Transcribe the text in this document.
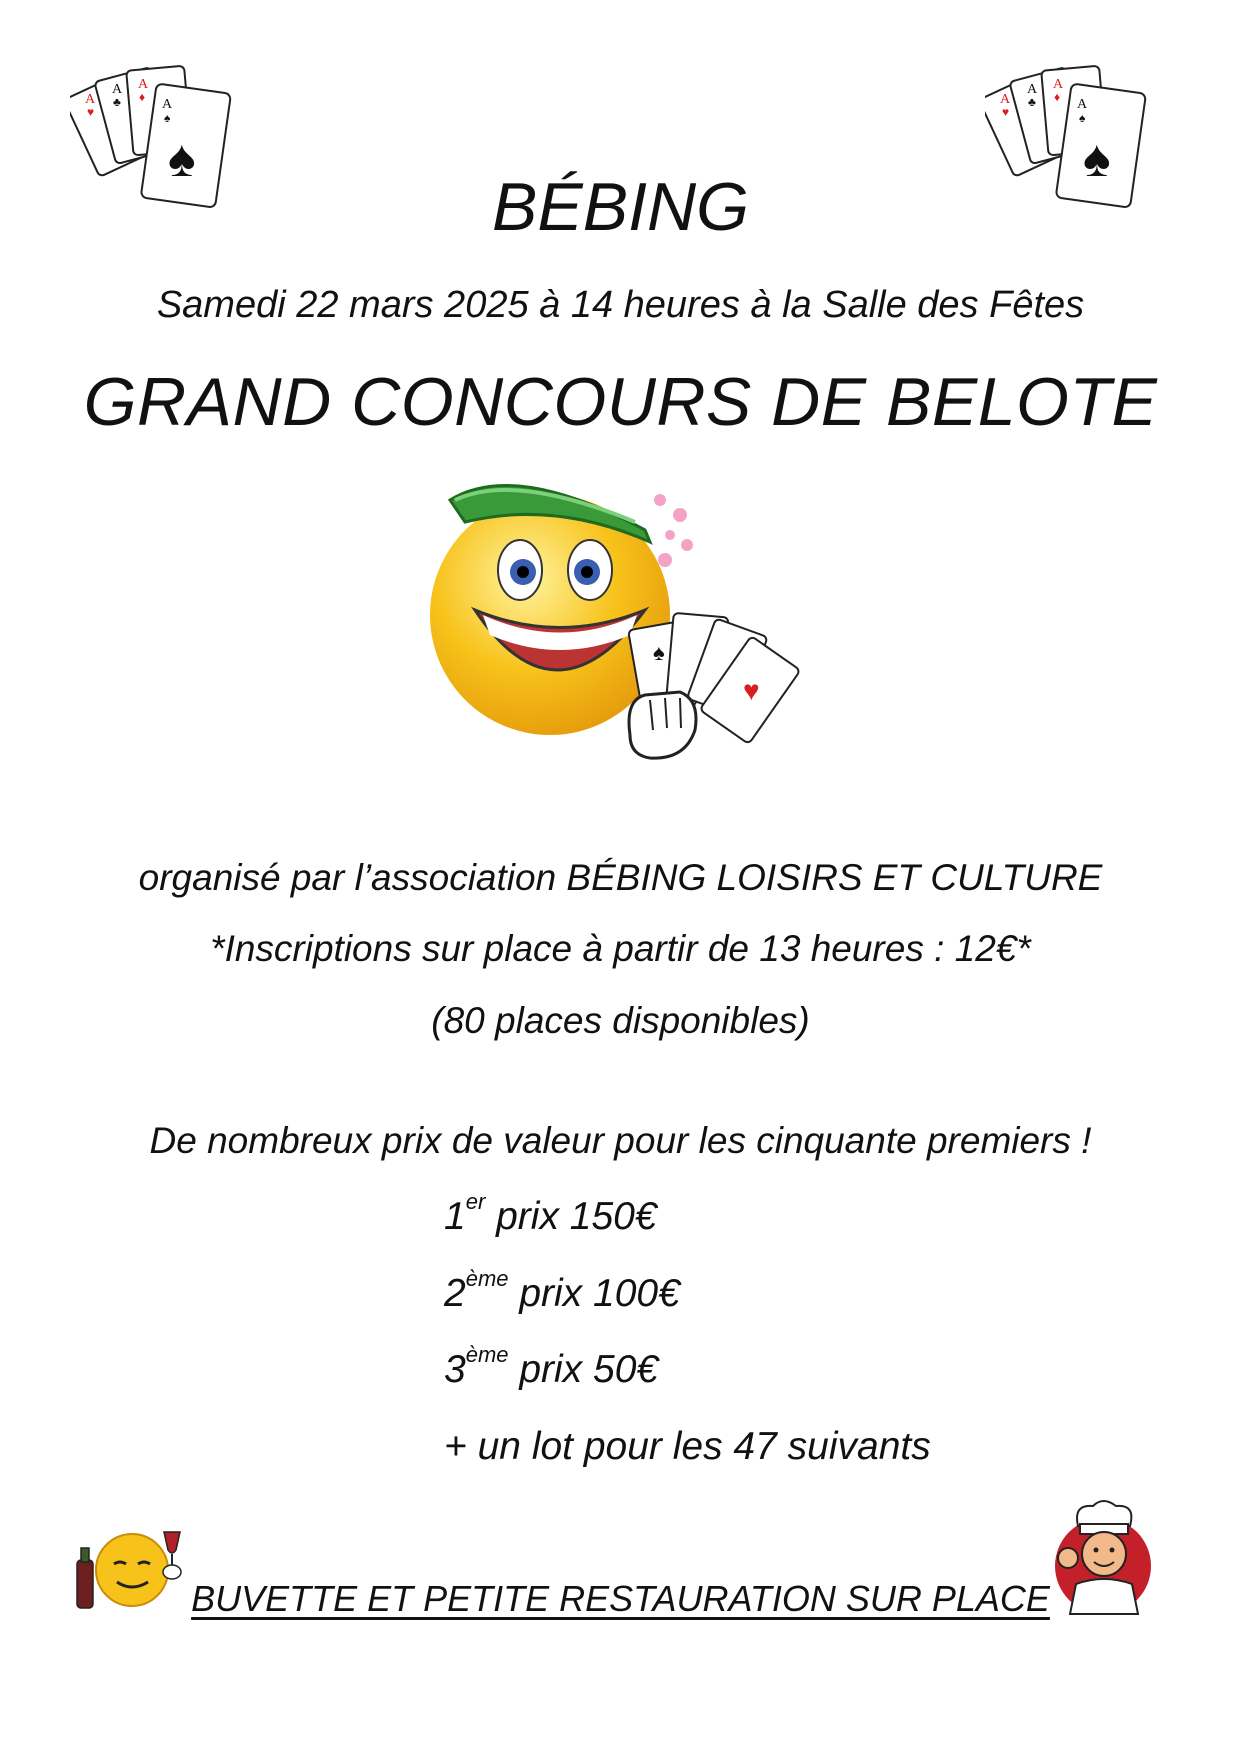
A
♥
A
♣
A
♦ A
♠
♠
A
♥
A
♣
A
♦ A
♠
♠
BÉBING
Samedi 22 mars 2025 à 14 heures à la Salle des Fêtes
GRAND CONCOURS DE BELOTE
♠
♥
organisé par l’association BÉBING LOISIRS ET CULTURE
*Inscriptions sur place à partir de 13 heures : 12€*
(80 places disponibles)
De nombreux prix de valeur pour les cinquante premiers !
1er prix 150€
2ème prix 100€
3ème prix 50€
+ un lot pour les 47 suivants
BUVETTE ET PETITE RESTAURATION SUR PLACE
